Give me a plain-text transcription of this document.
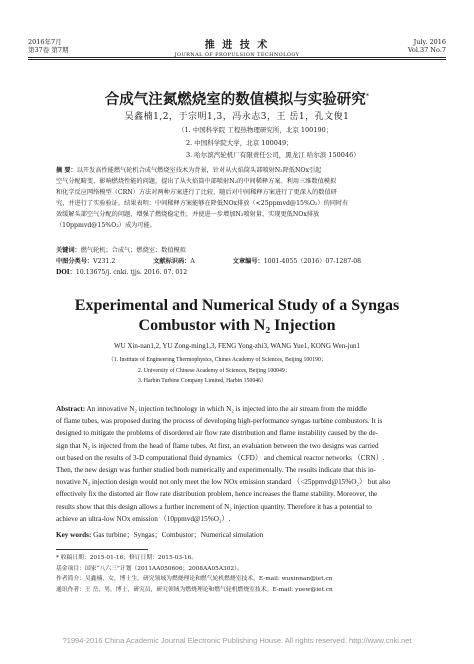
2016年7月
第37卷 第7期	推 进 技 术
JOURNAL OF PROPULSION TECHNOLOGY
July. 2016
Vol.37 No.7
合成气注氮燃烧室的数值模拟与实验研究*
吴鑫楠1,2，于宗明1,3，冯永志3，王 岳1，孔文俊1
（1. 中国科学院 工程热物理研究所，北京 100190；
2. 中国科学院大学，北京 100049；
3. 哈尔滨汽轮机厂有限责任公司，黑龙江 哈尔滨 150046）
摘 要：以开发高性能燃气轮机合成气燃烧室技术为背景，针对从火焰筒头部喷射N₂降低NOx引起
空气分配畸变、影响燃烧性能的问题，提出了从火焰筒中部喷射N₂的中间稀释方案。利用三维数值模拟
和化学反应网络模型（CRN）方法对两种方案进行了比较，随后对中间稀释方案进行了更深入的数值研
究，并进行了实验验证。结果表明：中间稀释方案能够在降低NOx排放（<25ppmvd@15%O₂）的同时有
效缓解头部空气分配的问题，增强了燃烧稳定性，并使进一步增加N₂喷射量、实现更低NOx排放
（10ppmvd@15%O₂）成为可能。
关键词：燃气轮机；合成气；燃烧室；数值模拟
中图分类号：V231.2	文献标识码：A	文章编号：1001-4055（2016）07-1287-08
DOI：10.13675/j. cnki. tjjs. 2016. 07. 012
Experimental and Numerical Study of a Syngas
Combustor with N₂ Injection
WU Xin-nan1,2, YU Zong-ming1,3, FENG Yong-zhi3, WANG Yue1, KONG Wen-jun1
（1. Institute of Engineering Thermophysics, Chines Academy of Sciences, Beijing 100190；
2. University of Chinese Academy of Sciences, Beijing 100049；
3. Harbin Turbine Company Limited, Harbin 150046）
Abstract: An innovative N₂ injection technology in which N₂ is injected into the air stream from the middle
of flame tubes, was proposed during the process of developing high-performance syngas turbine combustors. It is
designed to mitigate the problems of disordered air flow rate distribution and flame instability caused by the de-
sign that N₂ is injected from the head of flame tubes. At first, an evaluation between the two designs was carried
out based on the results of 3-D computational fluid dynamics （CFD） and chemical reactor networks （CRN）.
Then, the new design was further studied both numerically and experimentally. The results indicate that this in-
novative N₂ injection design would not only meet the low NOx emission standard （<25ppmvd@15%O₂） but also
effectively fix the distorted air flow rate distribution problem, hence increases the flame stability. Moreover, the
results show that this design allows a further increment of N₂ injection quantity. Therefore it has a potential to
achieve an ultra-low NOx emission （10ppmvd@15%O₂）.
Key words: Gas turbine；Syngas；Combustor；Numerical simulation
* 收稿日期：2015-01-16；修订日期：2015-03-16。
基金项目：国家“八六三”计划（2011AA050606；2008AA05A302）。
作者简介：吴鑫楠，女，博士生，研究领域为燃烧理论和燃气轮机燃烧室技术。E-mail: wuxinnan@iet.cn
通讯作者：王 岳，男，博士，研究员，研究领域为燃烧理论和燃气轮机燃烧室技术。E-mail: yuew@iet.cn
?1994-2016 China Academic Journal Electronic Publishing House. All rights reserved. http://www.cnki.net
